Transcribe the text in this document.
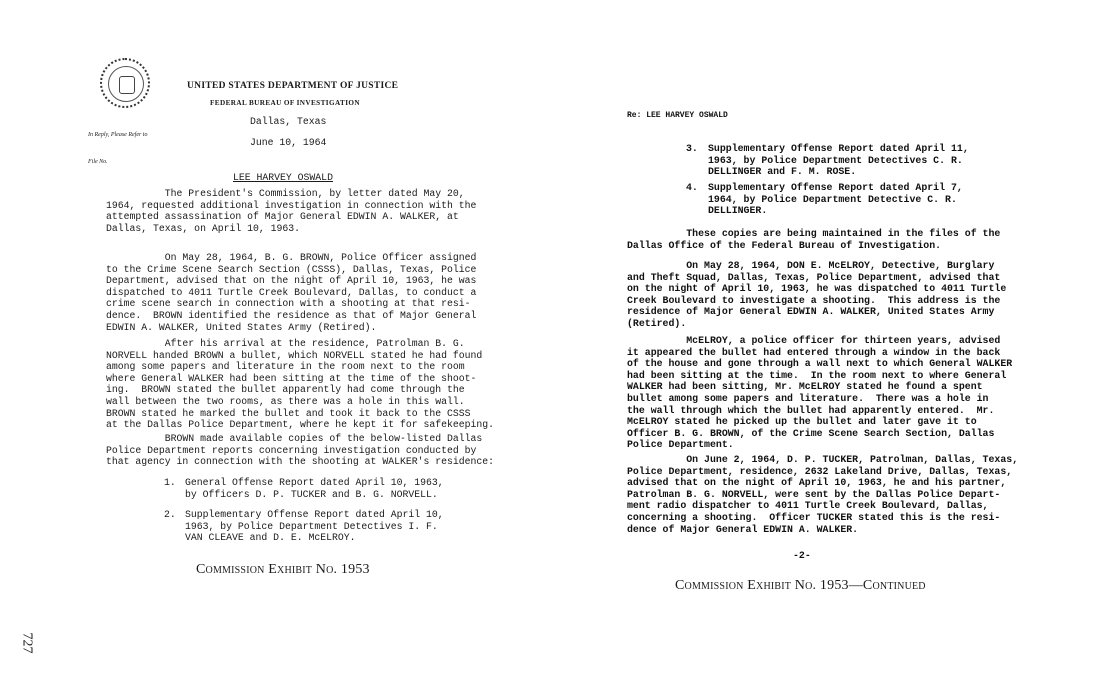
In Reply, Please Refer to

File No.

UNITED STATES DEPARTMENT OF JUSTICE
FEDERAL BUREAU OF INVESTIGATION
Dallas, Texas
June 10, 1964
LEE HARVEY OSWALD
The President's Commission, by letter dated May 20,
1964, requested additional investigation in connection with the
attempted assassination of Major General EDWIN A. WALKER, at
Dallas, Texas, on April 10, 1963.
On May 28, 1964, B. G. BROWN, Police Officer assigned
to the Crime Scene Search Section (CSSS), Dallas, Texas, Police
Department, advised that on the night of April 10, 1963, he was
dispatched to 4011 Turtle Creek Boulevard, Dallas, to conduct a
crime scene search in connection with a shooting at that resi-
dence.  BROWN identified the residence as that of Major General
EDWIN A. WALKER, United States Army (Retired).
After his arrival at the residence, Patrolman B. G.
NORVELL handed BROWN a bullet, which NORVELL stated he had found
among some papers and literature in the room next to the room
where General WALKER had been sitting at the time of the shoot-
ing.  BROWN stated the bullet apparently had come through the
wall between the two rooms, as there was a hole in this wall.
BROWN stated he marked the bullet and took it back to the CSSS
at the Dallas Police Department, where he kept it for safekeeping.
BROWN made available copies of the below-listed Dallas
Police Department reports concerning investigation conducted by
that agency in connection with the shooting at WALKER's residence:
1. General Offense Report dated April 10, 1963,
by Officers D. P. TUCKER and B. G. NORVELL.
2. Supplementary Offense Report dated April 10,
1963, by Police Department Detectives I. F.
VAN CLEAVE and D. E. McELROY.
Commission Exhibit No. 1953
727
Re: LEE HARVEY OSWALD
3. Supplementary Offense Report dated April 11,
1963, by Police Department Detectives C. R.
DELLINGER and F. M. ROSE.
4. Supplementary Offense Report dated April 7,
1964, by Police Department Detective C. R.
DELLINGER.
These copies are being maintained in the files of the
Dallas Office of the Federal Bureau of Investigation.
On May 28, 1964, DON E. McELROY, Detective, Burglary
and Theft Squad, Dallas, Texas, Police Department, advised that
on the night of April 10, 1963, he was dispatched to 4011 Turtle
Creek Boulevard to investigate a shooting.  This address is the
residence of Major General EDWIN A. WALKER, United States Army
(Retired).
McELROY, a police officer for thirteen years, advised
it appeared the bullet had entered through a window in the back
of the house and gone through a wall next to which General WALKER
had been sitting at the time.  In the room next to where General
WALKER had been sitting, Mr. McELROY stated he found a spent
bullet among some papers and literature.  There was a hole in
the wall through which the bullet had apparently entered.  Mr.
McELROY stated he picked up the bullet and later gave it to
Officer B. G. BROWN, of the Crime Scene Search Section, Dallas
Police Department.
On June 2, 1964, D. P. TUCKER, Patrolman, Dallas, Texas,
Police Department, residence, 2632 Lakeland Drive, Dallas, Texas,
advised that on the night of April 10, 1963, he and his partner,
Patrolman B. G. NORVELL, were sent by the Dallas Police Depart-
ment radio dispatcher to 4011 Turtle Creek Boulevard, Dallas,
concerning a shooting.  Officer TUCKER stated this is the resi-
dence of Major General EDWIN A. WALKER.
-2-
Commission Exhibit No. 1953—Continued
